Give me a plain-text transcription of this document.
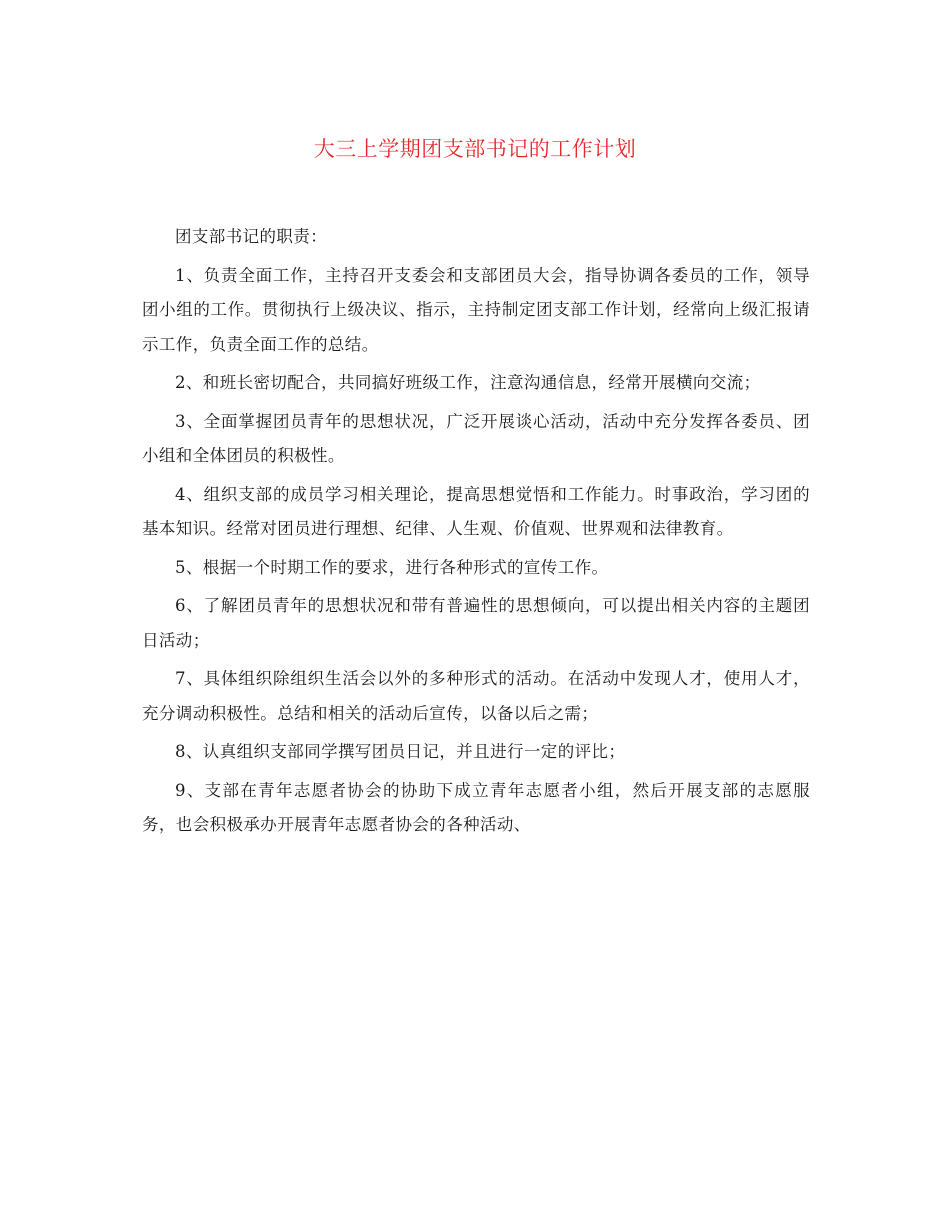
大三上学期团支部书记的工作计划

团支部书记的职责：

1、负责全面工作，主持召开支委会和支部团员大会，指导协调各委员的工作，领导团小组的工作。贯彻执行上级决议、指示，主持制定团支部工作计划，经常向上级汇报请示工作，负责全面工作的总结。

2、和班长密切配合，共同搞好班级工作，注意沟通信息，经常开展横向交流；

3、全面掌握团员青年的思想状况，广泛开展谈心活动，活动中充分发挥各委员、团小组和全体团员的积极性。

4、组织支部的成员学习相关理论，提高思想觉悟和工作能力。时事政治，学习团的基本知识。经常对团员进行理想、纪律、人生观、价值观、世界观和法律教育。

5、根据一个时期工作的要求，进行各种形式的宣传工作。

6、了解团员青年的思想状况和带有普遍性的思想倾向，可以提出相关内容的主题团日活动；

7、具体组织除组织生活会以外的多种形式的活动。在活动中发现人才，使用人才，充分调动积极性。总结和相关的活动后宣传，以备以后之需；

8、认真组织支部同学撰写团员日记，并且进行一定的评比；

9、支部在青年志愿者协会的协助下成立青年志愿者小组，然后开展支部的志愿服务，也会积极承办开展青年志愿者协会的各种活动、
